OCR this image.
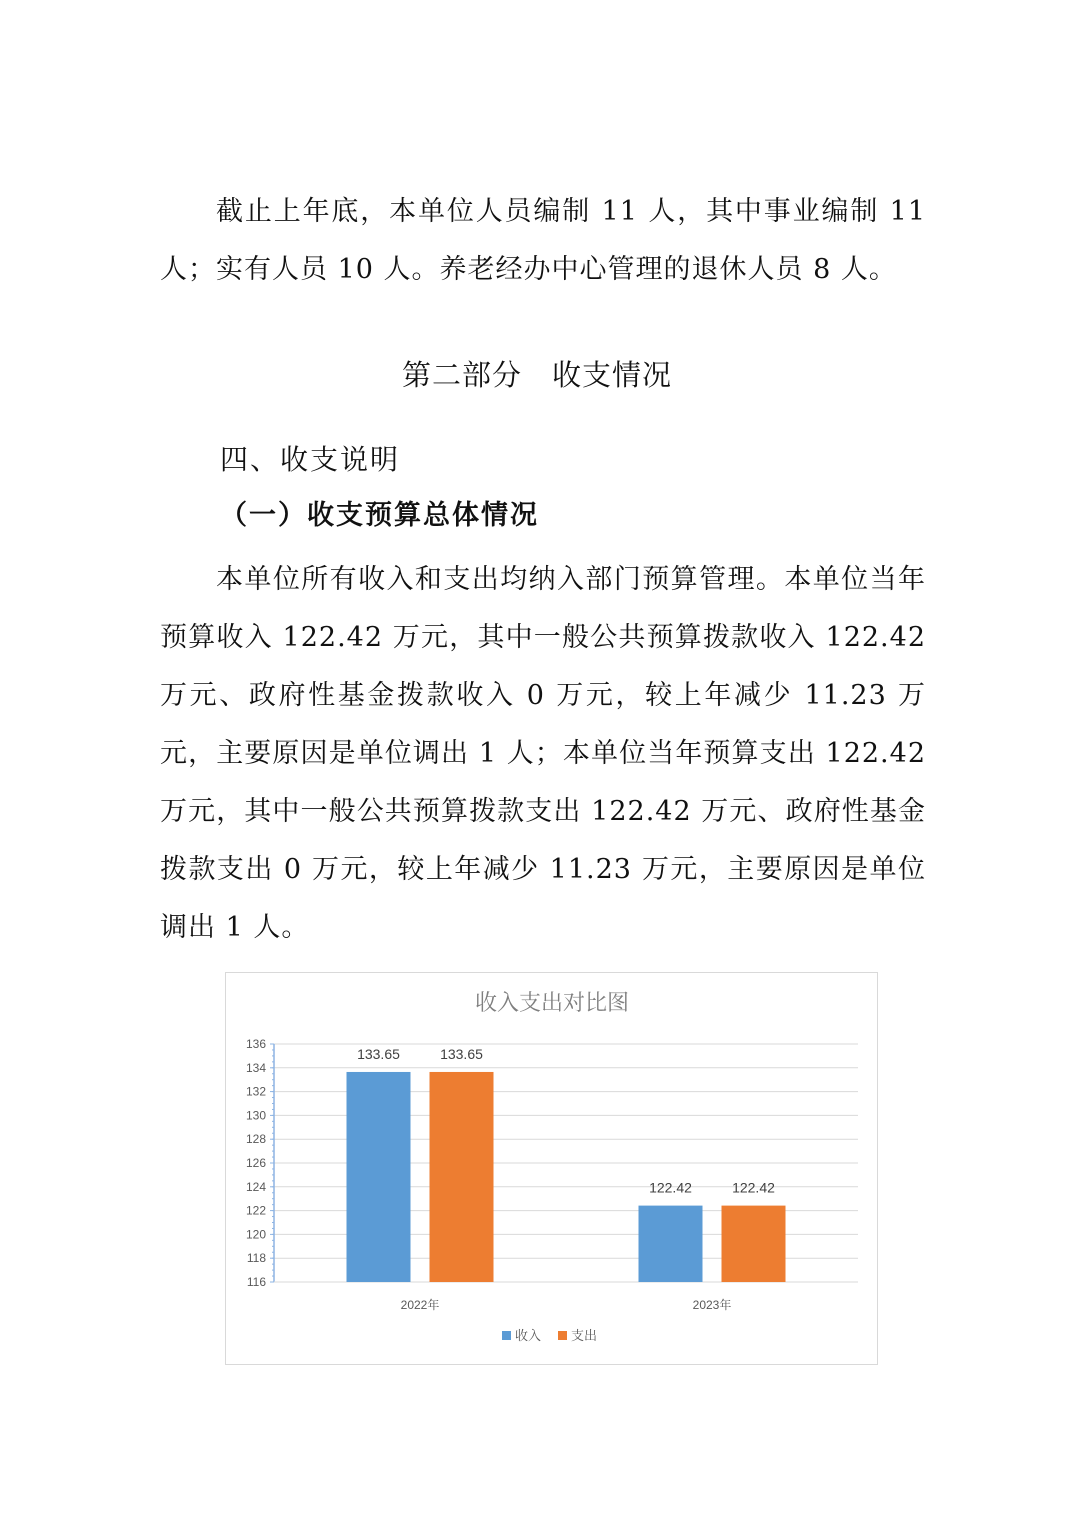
截止上年底，本单位人员编制 11 人，其中事业编制 11 人；实有人员 10 人。养老经办中心管理的退休人员 8 人。

第二部分　收支情况
四、收支说明
（一）收支预算总体情况

本单位所有收入和支出均纳入部门预算管理。本单位当年预算收入 122.42 万元，其中一般公共预算拨款收入 122.42 万元、政府性基金拨款收入 0 万元，较上年减少 11.23 万元，主要原因是单位调出 1 人；本单位当年预算支出 122.42 万元，其中一般公共预算拨款支出 122.42 万元、政府性基金拨款支出 0 万元，较上年减少 11.23 万元，主要原因是单位调出 1 人。

收入支出对比图
116
118
120
122
124
126
128
130
132
134
136
2022年	2023年
133.65	133.65
122.42	122.42
收入 支出
